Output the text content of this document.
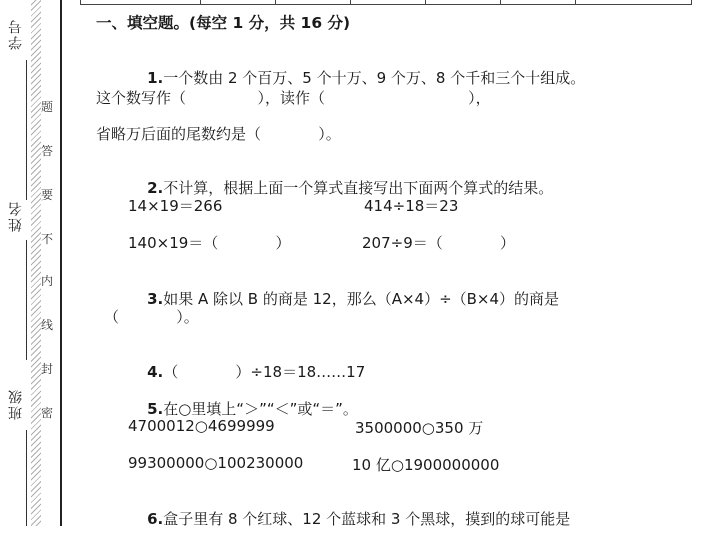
学号
姓名
班级
题
答
要
不
内
线
封
密
一、填空题。(每空 1 分，共 16 分)

1.一个数由 2 个百万、5 个十万、9 个万、8 个千和三个十组成。

这个数写作（               ），读作（                              ），
省略万后面的尾数约是（            ）。

2.不计算，根据上面一个算式直接写出下面两个算式的结果。

14×19＝266	414÷18＝23
140×19＝（            ）	207÷9＝（            ）

3.如果 A 除以 B 的商是 12，那么（A×4）÷（B×4）的商是

（            ）。

4.（            ）÷18＝18……17

5.在○里填上“＞”“＜”或“＝”。

4700012○4699999	3500000○350 万
99300000○100230000	10 亿○1900000000

6.盒子里有 8 个红球、12 个蓝球和 3 个黑球，摸到的球可能是
